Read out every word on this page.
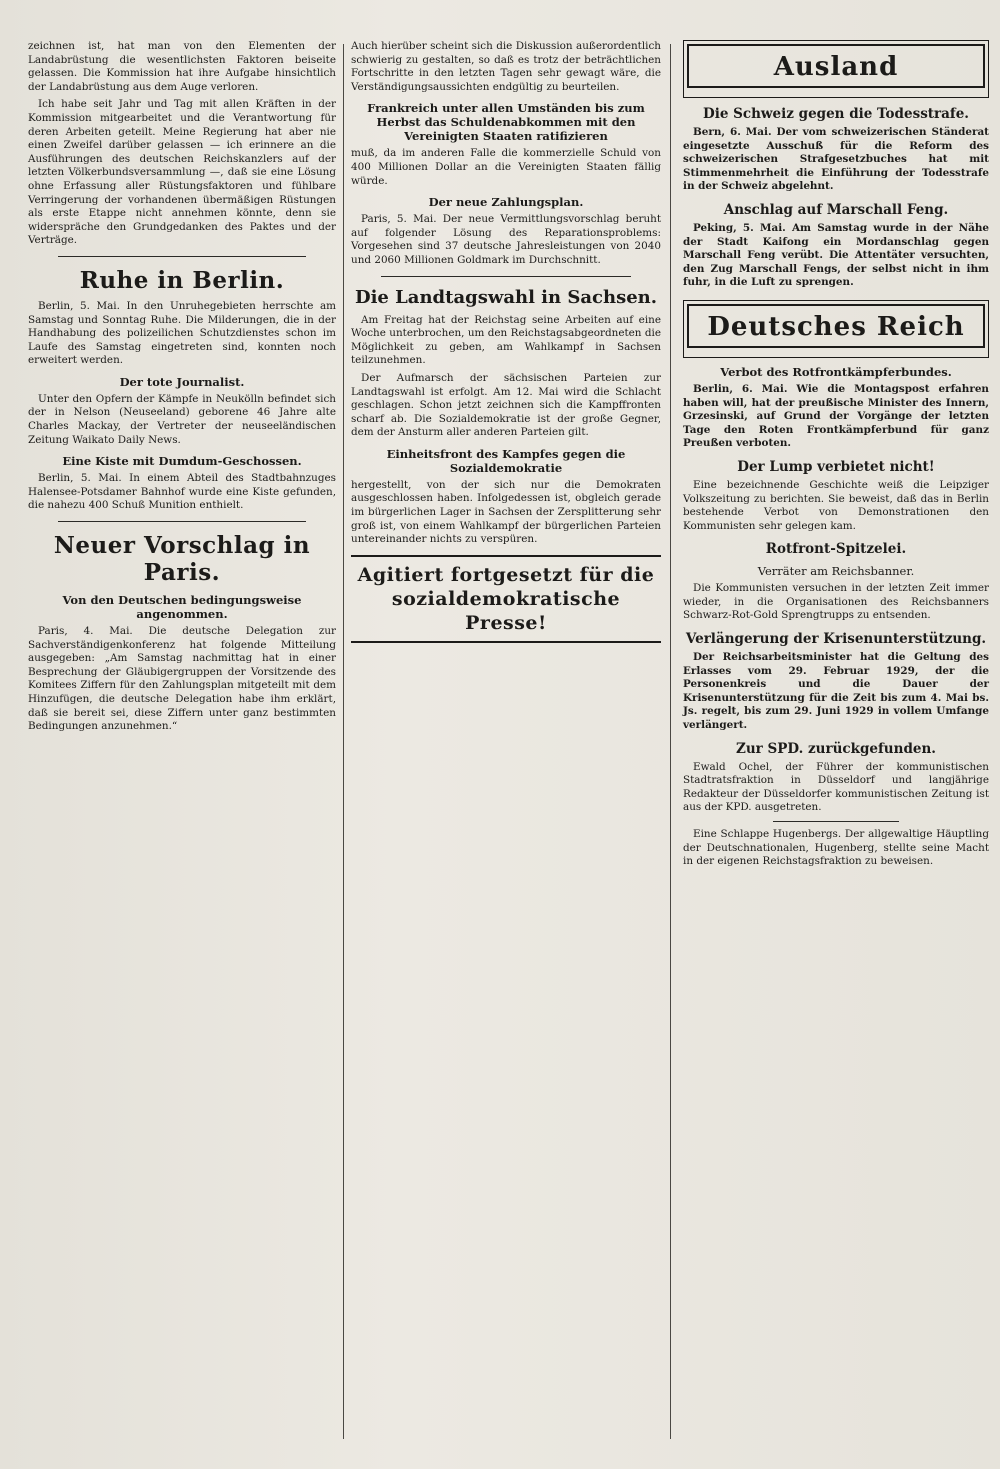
zeichnen ist, hat man von den Elementen der Landabrüstung die wesentlichsten Faktoren beiseite gelassen. Die Kommission hat ihre Aufgabe hinsichtlich der Landabrüstung aus dem Auge verloren.

Ich habe seit Jahr und Tag mit allen Kräften in der Kommission mitgearbeitet und die Verantwortung für deren Arbeiten geteilt. Meine Regierung hat aber nie einen Zweifel darüber gelassen — ich erinnere an die Ausführungen des deutschen Reichskanzlers auf der letzten Völkerbundsversammlung —, daß sie eine Lösung ohne Erfassung aller Rüstungsfaktoren und fühlbare Verringerung der vorhandenen übermäßigen Rüstungen als erste Etappe nicht annehmen könnte, denn sie widerspräche den Grundgedanken des Paktes und der Verträge.

Ruhe in Berlin.

Berlin, 5. Mai. In den Unruhegebieten herrschte am Samstag und Sonntag Ruhe. Die Milderungen, die in der Handhabung des polizeilichen Schutzdienstes schon im Laufe des Samstag eingetreten sind, konnten noch erweitert werden.

Der tote Journalist.

Unter den Opfern der Kämpfe in Neukölln befindet sich der in Nelson (Neuseeland) geborene 46 Jahre alte Charles Mackay, der Vertreter der neuseeländischen Zeitung Waikato Daily News.

Eine Kiste mit Dumdum-Geschossen.

Berlin, 5. Mai. In einem Abteil des Stadtbahnzuges Halensee-Potsdamer Bahnhof wurde eine Kiste gefunden, die nahezu 400 Schuß Munition enthielt.

Neuer Vorschlag in Paris.
Von den Deutschen bedingungsweise angenommen.

Paris, 4. Mai. Die deutsche Delegation zur Sachverständigenkonferenz hat folgende Mitteilung ausgegeben: „Am Samstag nachmittag hat in einer Besprechung der Gläubigergruppen der Vorsitzende des Komitees Ziffern für den Zahlungsplan mitgeteilt mit dem Hinzufügen, die deutsche Delegation habe ihm erklärt, daß sie bereit sei, diese Ziffern unter ganz bestimmten Bedingungen anzunehmen.“

Auch hierüber scheint sich die Diskussion außerordentlich schwierig zu gestalten, so daß es trotz der beträchtlichen Fortschritte in den letzten Tagen sehr gewagt wäre, die Verständigungsaussichten endgültig zu beurteilen.

Frankreich unter allen Umständen bis zum Herbst das Schuldenabkommen mit den Vereinigten Staaten ratifizieren

muß, da im anderen Falle die kommerzielle Schuld von 400 Millionen Dollar an die Vereinigten Staaten fällig würde.

Der neue Zahlungsplan.

Paris, 5. Mai. Der neue Vermittlungsvorschlag beruht auf folgender Lösung des Reparationsproblems: Vorgesehen sind 37 deutsche Jahresleistungen von 2040 und 2060 Millionen Goldmark im Durchschnitt.

Die Landtagswahl in Sachsen.

Am Freitag hat der Reichstag seine Arbeiten auf eine Woche unterbrochen, um den Reichstagsabgeordneten die Möglichkeit zu geben, am Wahlkampf in Sachsen teilzunehmen.

Der Aufmarsch der sächsischen Parteien zur Landtagswahl ist erfolgt. Am 12. Mai wird die Schlacht geschlagen. Schon jetzt zeichnen sich die Kampffronten scharf ab. Die Sozialdemokratie ist der große Gegner, dem der Ansturm aller anderen Parteien gilt.

Einheitsfront des Kampfes gegen die Sozialdemokratie

hergestellt, von der sich nur die Demokraten ausgeschlossen haben. Infolgedessen ist, obgleich gerade im bürgerlichen Lager in Sachsen der Zersplitterung sehr groß ist, von einem Wahlkampf der bürgerlichen Parteien untereinander nichts zu verspüren.

Agitiert fortgesetzt für die sozialdemokratische Presse!
Ausland
Die Schweiz gegen die Todesstrafe.

Bern, 6. Mai. Der vom schweizerischen Ständerat eingesetzte Ausschuß für die Reform des schweizerischen Strafgesetzbuches hat mit Stimmenmehrheit die Einführung der Todesstrafe in der Schweiz abgelehnt.

Anschlag auf Marschall Feng.

Peking, 5. Mai. Am Samstag wurde in der Nähe der Stadt Kaifong ein Mordanschlag gegen Marschall Feng verübt. Die Attentäter versuchten, den Zug Marschall Fengs, der selbst nicht in ihm fuhr, in die Luft zu sprengen.

Deutsches Reich
Verbot des Rotfrontkämpferbundes.

Berlin, 6. Mai. Wie die Montagspost erfahren haben will, hat der preußische Minister des Innern, Grzesinski, auf Grund der Vorgänge der letzten Tage den Roten Frontkämpferbund für ganz Preußen verboten.

Der Lump verbietet nicht!

Eine bezeichnende Geschichte weiß die Leipziger Volkszeitung zu berichten. Sie beweist, daß das in Berlin bestehende Verbot von Demonstrationen den Kommunisten sehr gelegen kam.

Rotfront-Spitzelei.
Verräter am Reichsbanner.

Die Kommunisten versuchen in der letzten Zeit immer wieder, in die Organisationen des Reichsbanners Schwarz-Rot-Gold Sprengtrupps zu entsenden.

Verlängerung der Krisenunterstützung.

Der Reichsarbeitsminister hat die Geltung des Erlasses vom 29. Februar 1929, der die Personenkreis und die Dauer der Krisenunterstützung für die Zeit bis zum 4. Mai bs. Js. regelt, bis zum 29. Juni 1929 in vollem Umfange verlängert.

Zur SPD. zurückgefunden.

Ewald Ochel, der Führer der kommunistischen Stadtratsfraktion in Düsseldorf und langjährige Redakteur der Düsseldorfer kommunistischen Zeitung ist aus der KPD. ausgetreten.

Eine Schlappe Hugenbergs. Der allgewaltige Häuptling der Deutschnationalen, Hugenberg, stellte seine Macht in der eigenen Reichstagsfraktion zu beweisen.
